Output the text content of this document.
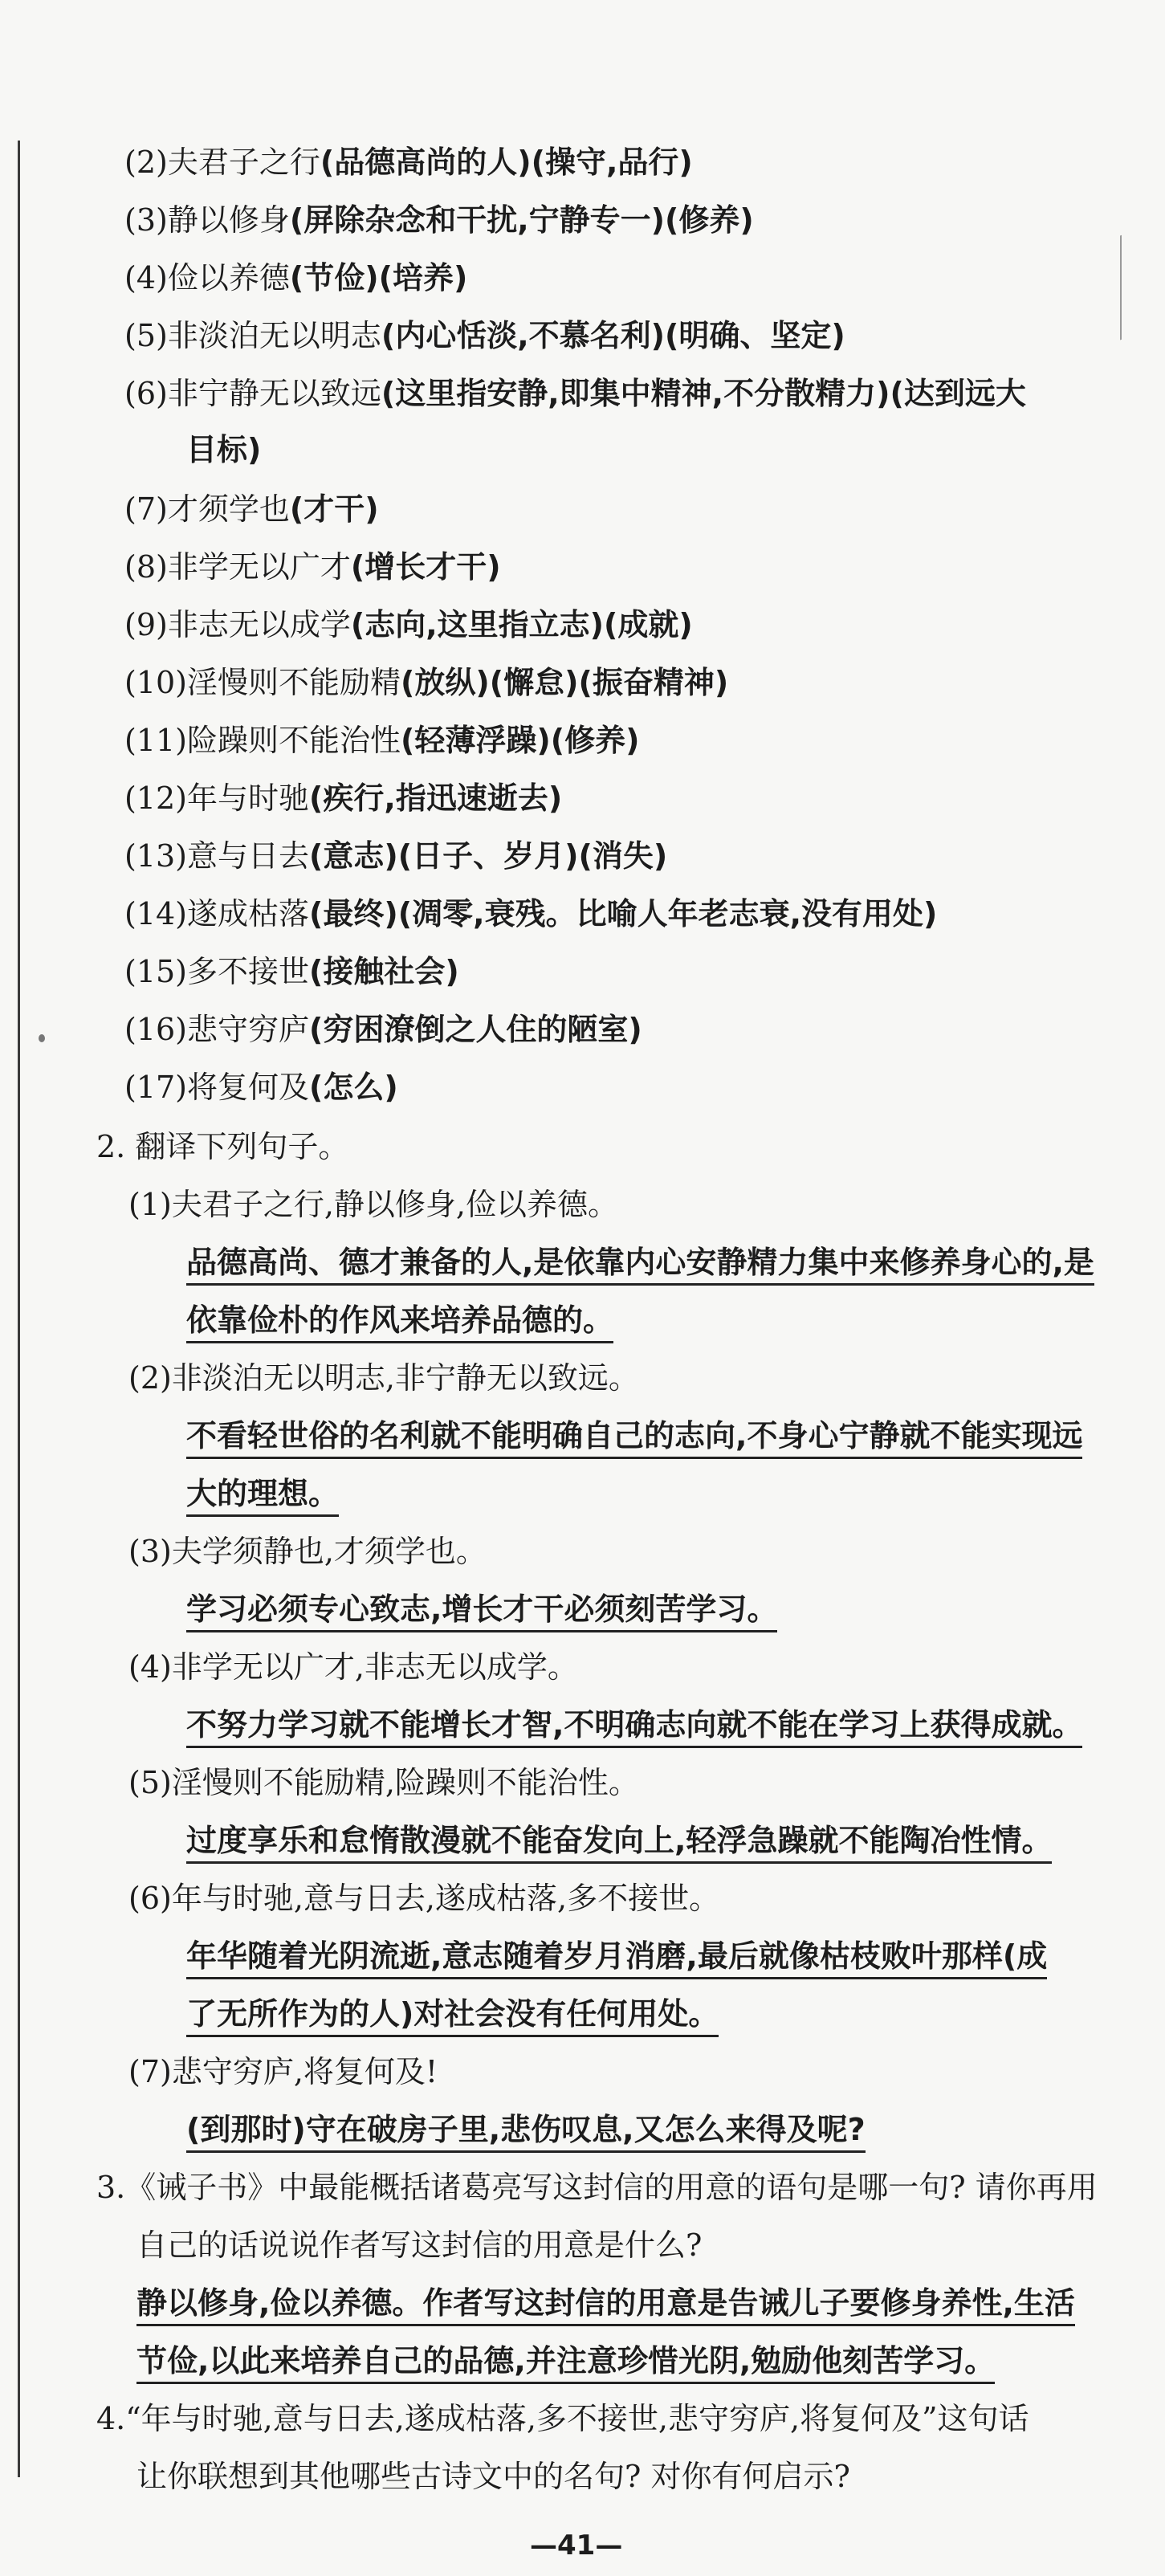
(2)夫君子之行(品德高尚的人)(操守,品行)
(3)静以修身(屏除杂念和干扰,宁静专一)(修养)
(4)俭以养德(节俭)(培养)
(5)非淡泊无以明志(内心恬淡,不慕名利)(明确、坚定)
(6)非宁静无以致远(这里指安静,即集中精神,不分散精力)(达到远大
目标)
(7)才须学也(才干)
(8)非学无以广才(增长才干)
(9)非志无以成学(志向,这里指立志)(成就)
(10)淫慢则不能励精(放纵)(懈怠)(振奋精神)
(11)险躁则不能治性(轻薄浮躁)(修养)
(12)年与时驰(疾行,指迅速逝去)
(13)意与日去(意志)(日子、岁月)(消失)
(14)遂成枯落(最终)(凋零,衰残。比喻人年老志衰,没有用处)
(15)多不接世(接触社会)
(16)悲守穷庐(穷困潦倒之人住的陋室)
(17)将复何及(怎么)
2. 翻译下列句子。
(1)夫君子之行,静以修身,俭以养德。
品德高尚、德才兼备的人,是依靠内心安静精力集中来修养身心的,是
依靠俭朴的作风来培养品德的。
(2)非淡泊无以明志,非宁静无以致远。
不看轻世俗的名利就不能明确自己的志向,不身心宁静就不能实现远
大的理想。
(3)夫学须静也,才须学也。
学习必须专心致志,增长才干必须刻苦学习。
(4)非学无以广才,非志无以成学。
不努力学习就不能增长才智,不明确志向就不能在学习上获得成就。
(5)淫慢则不能励精,险躁则不能治性。
过度享乐和怠惰散漫就不能奋发向上,轻浮急躁就不能陶冶性情。
(6)年与时驰,意与日去,遂成枯落,多不接世。
年华随着光阴流逝,意志随着岁月消磨,最后就像枯枝败叶那样(成
了无所作为的人)对社会没有任何用处。
(7)悲守穷庐,将复何及!
(到那时)守在破房子里,悲伤叹息,又怎么来得及呢?
3.《诫子书》中最能概括诸葛亮写这封信的用意的语句是哪一句? 请你再用
自己的话说说作者写这封信的用意是什么?
静以修身,俭以养德。作者写这封信的用意是告诫儿子要修身养性,生活
节俭,以此来培养自己的品德,并注意珍惜光阴,勉励他刻苦学习。
4.“年与时驰,意与日去,遂成枯落,多不接世,悲守穷庐,将复何及”这句话
让你联想到其他哪些古诗文中的名句? 对你有何启示?
—41—
